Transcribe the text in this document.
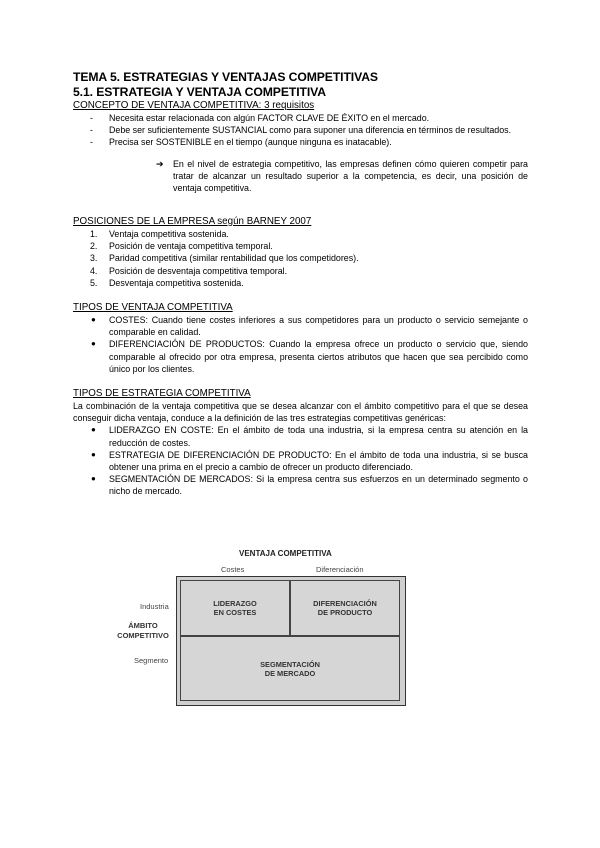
TEMA 5. ESTRATEGIAS Y VENTAJAS COMPETITIVAS

5.1. ESTRATEGIA Y VENTAJA COMPETITIVA

CONCEPTO DE VENTAJA COMPETITIVA: 3 requisitos

- Necesita estar relacionada con algún FACTOR CLAVE DE ÉXITO en el mercado.
- Debe ser suficientemente SUSTANCIAL como para suponer una diferencia en términos de resultados.
- Precisa ser SOSTENIBLE en el tiempo (aunque ninguna es inatacable).

➔ En el nivel de estrategia competitivo, las empresas definen cómo quieren competir para tratar de alcanzar un resultado superior a la competencia, es decir, una posición de ventaja competitiva.

POSICIONES DE LA EMPRESA según BARNEY 2007

1. Ventaja competitiva sostenida.
2. Posición de ventaja competitiva temporal.
3. Paridad competitiva (similar rentabilidad que los competidores).
4. Posición de desventaja competitiva temporal.
5. Desventaja competitiva sostenida.

TIPOS DE VENTAJA COMPETITIVA

● COSTES: Cuando tiene costes inferiores a sus competidores para un producto o servicio semejante o comparable en calidad.
● DIFERENCIACIÓN DE PRODUCTOS: Cuando la empresa ofrece un producto o servicio que, siendo comparable al ofrecido por otra empresa, presenta ciertos atributos que hacen que sea percibido como único por los clientes.

TIPOS DE ESTRATEGIA COMPETITIVA

La combinación de la ventaja competitiva que se desea alcanzar con el ámbito competitivo para el que se desea conseguir dicha ventaja, conduce a la definición de las tres estrategias competitivas genéricas:

● LIDERAZGO EN COSTE: En el ámbito de toda una industria, si la empresa centra su atención en la reducción de costes.
● ESTRATEGIA DE DIFERENCIACIÓN DE PRODUCTO: En el ámbito de toda una industria, si se busca obtener una prima en el precio a cambio de ofrecer un producto diferenciado.
● SEGMENTACIÓN DE MERCADOS: Si la empresa centra sus esfuerzos en un determinado segmento o nicho de mercado.
VENTAJA COMPETITIVA
Costes	Diferenciación
LIDERAZGO
EN COSTES
DIFERENCIACIÓN
DE PRODUCTO
SEGMENTACIÓN
DE MERCADO
Industria
ÁMBITO
COMPETITIVO
Segmento
